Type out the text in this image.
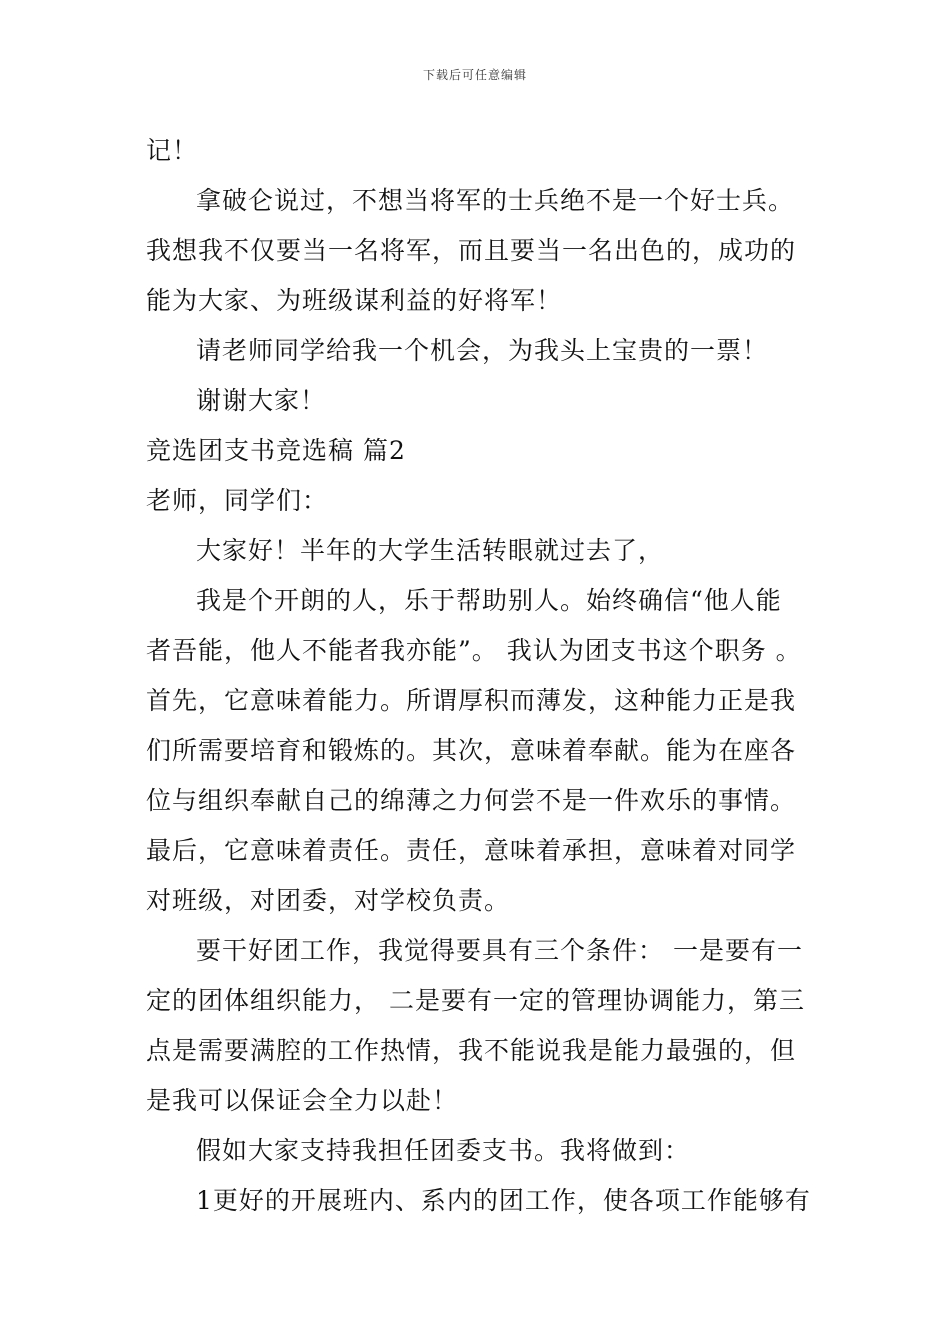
下载后可任意编辑
记！
拿破仑说过，不想当将军的士兵绝不是一个好士兵。
我想我不仅要当一名将军，而且要当一名出色的，成功的
能为大家、为班级谋利益的好将军！
请老师同学给我一个机会，为我头上宝贵的一票！
谢谢大家！
竞选团支书竞选稿 篇2
老师，同学们：
大家好！半年的大学生活转眼就过去了，
我是个开朗的人，乐于帮助别人。始终确信“他人能
者吾能，他人不能者我亦能”。 我认为团支书这个职务 。
首先，它意味着能力。所谓厚积而薄发，这种能力正是我
们所需要培育和锻炼的。其次，意味着奉献。能为在座各
位与组织奉献自己的绵薄之力何尝不是一件欢乐的事情。
最后，它意味着责任。责任，意味着承担，意味着对同学
对班级，对团委，对学校负责。
要干好团工作，我觉得要具有三个条件： 一是要有一
定的团体组织能力， 二是要有一定的管理协调能力，第三
点是需要满腔的工作热情，我不能说我是能力最强的，但
是我可以保证会全力以赴！
假如大家支持我担任团委支书。我将做到：
1更好的开展班内、系内的团工作，使各项工作能够有
